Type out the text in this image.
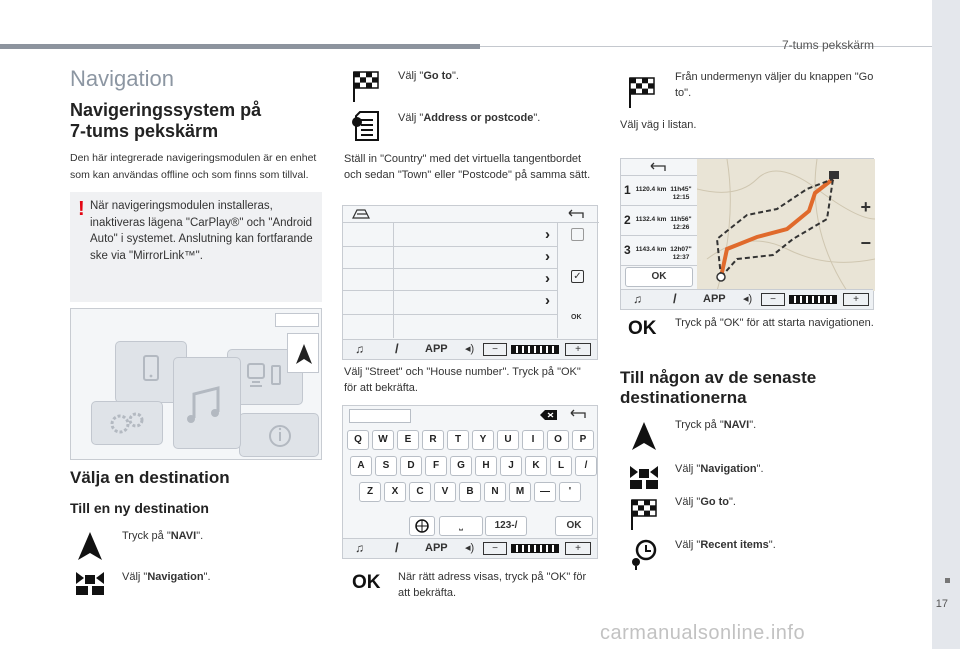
7-tums pekskärm
Navigation
Navigeringssystem på
7-tums pekskärm
Den här integrerade navigeringsmodulen är en enhet som kan användas offline och som finns som tillval.
! När navigeringsmodulen installeras, inaktiveras lägena "CarPlay®" och "Android Auto" i systemet. Anslutning kan fortfarande ske via "MirrorLink™".
Välja en destination
Till en ny destination
Tryck på "NAVI".
Välj "Navigation".
Välj "Go to".
Välj "Address or postcode".
Ställ in "Country" med det virtuella tangentbordet och sedan "Town" eller "Postcode" på samma sätt.
›
›
›
›
✓
OK
♫ / APP ◂)	−	+
Välj "Street" och "House number". Tryck på "OK" för att bekräfta.
Q	W	E	R	T	Y	U	I	O	P
A	S	D	F	G	H	J	K	L	/
Z	X	C	V	B	N	M	—	'
⎵	123-/	OK
♫ / APP ◂)	−	+
OK När rätt adress visas, tryck på "OK" för att bekräfta.
Från undermenyn väljer du knappen "Go to".
Välj väg i listan.
1 1120.4 km 11h45"
12:15
2 1132.4 km 11h56"
12:26
3 1143.4 km 12h07"
12:37
OK
+
−
♫ / APP ◂)	−	+
OK Tryck på "OK" för att starta navigationen.
Till någon av de senaste
destinationerna
Tryck på "NAVI".
Välj "Navigation".
Välj "Go to".
Välj "Recent items".
17
carmanualsonline.info
